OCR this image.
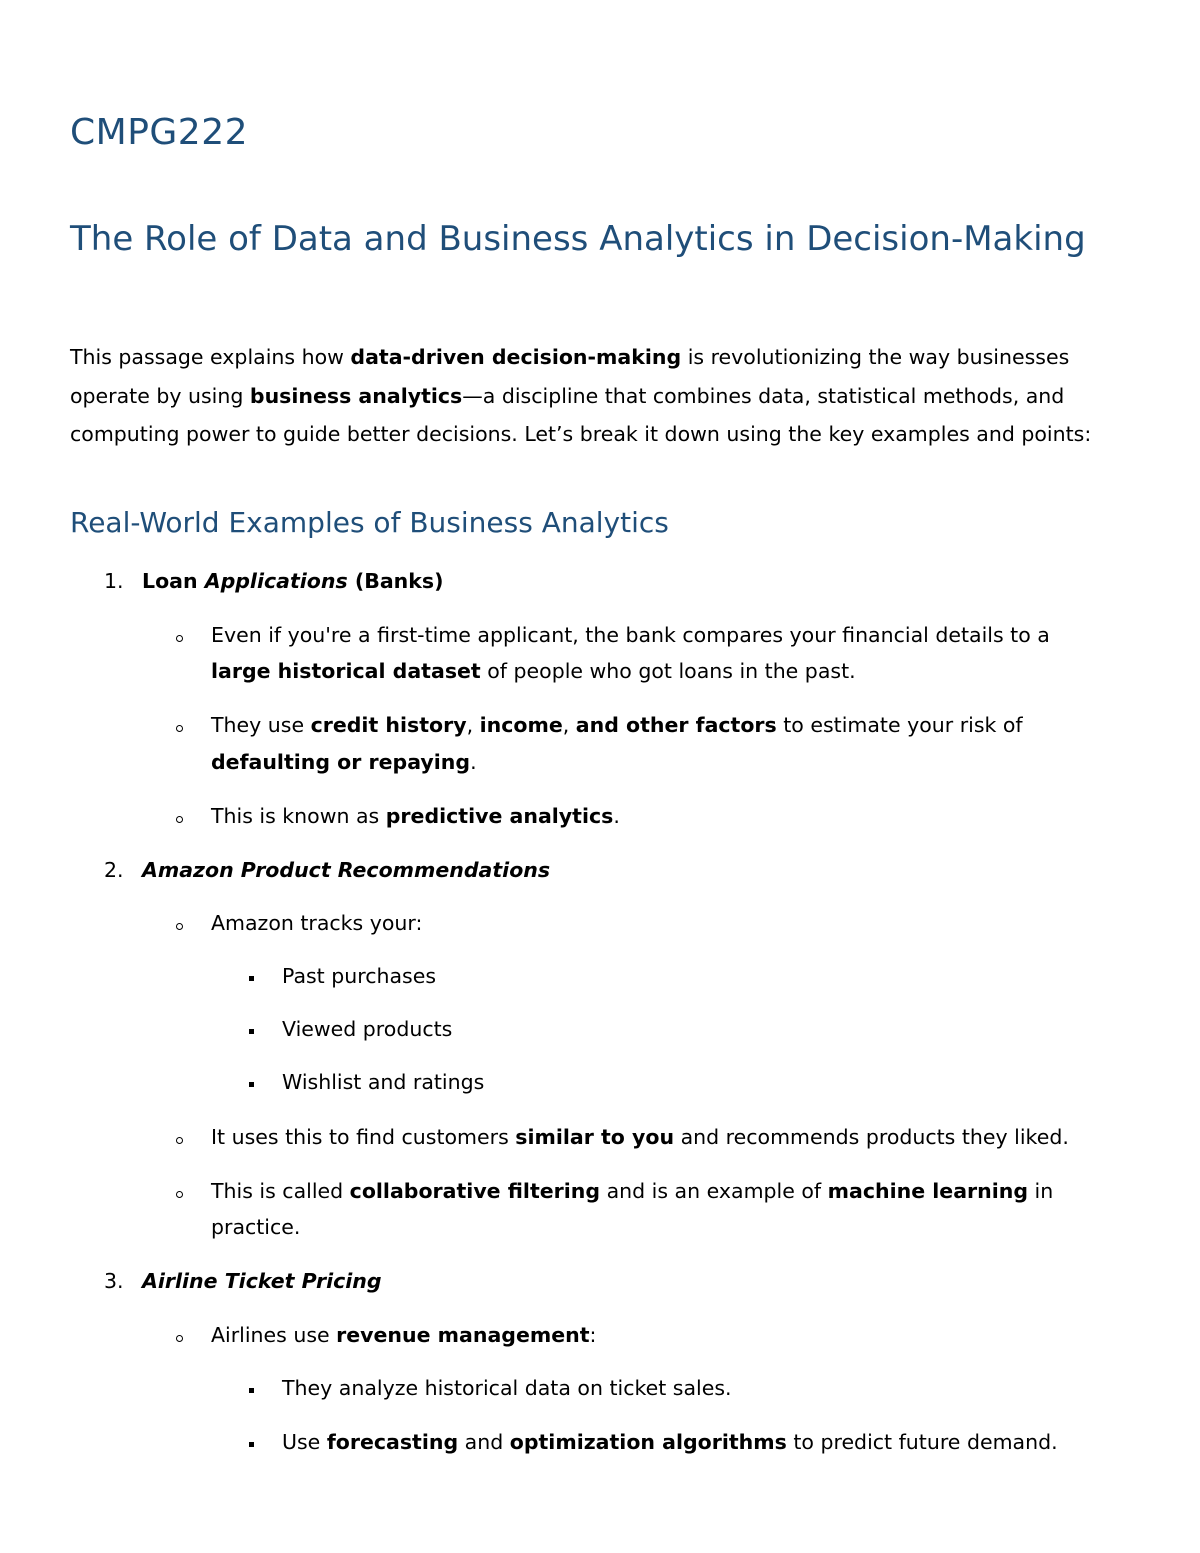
CMPG222
The Role of Data and Business Analytics in Decision-Making

This passage explains how data-driven decision-making is revolutionizing the way businesses operate by using business analytics—a discipline that combines data, statistical methods, and computing power to guide better decisions. Let’s break it down using the key examples and points:

Real-World Examples of Business Analytics
1. Loan Applications (Banks)
Even if you're a first-time applicant, the bank compares your financial details to a
large historical dataset of people who got loans in the past.
They use credit history, income, and other factors to estimate your risk of
defaulting or repaying.
This is known as predictive analytics.
2. Amazon Product Recommendations
Amazon tracks your:
Past purchases
Viewed products
Wishlist and ratings
It uses this to find customers similar to you and recommends products they liked.
This is called collaborative filtering and is an example of machine learning in
practice.
3. Airline Ticket Pricing
Airlines use revenue management:
They analyze historical data on ticket sales.
Use forecasting and optimization algorithms to predict future demand.
